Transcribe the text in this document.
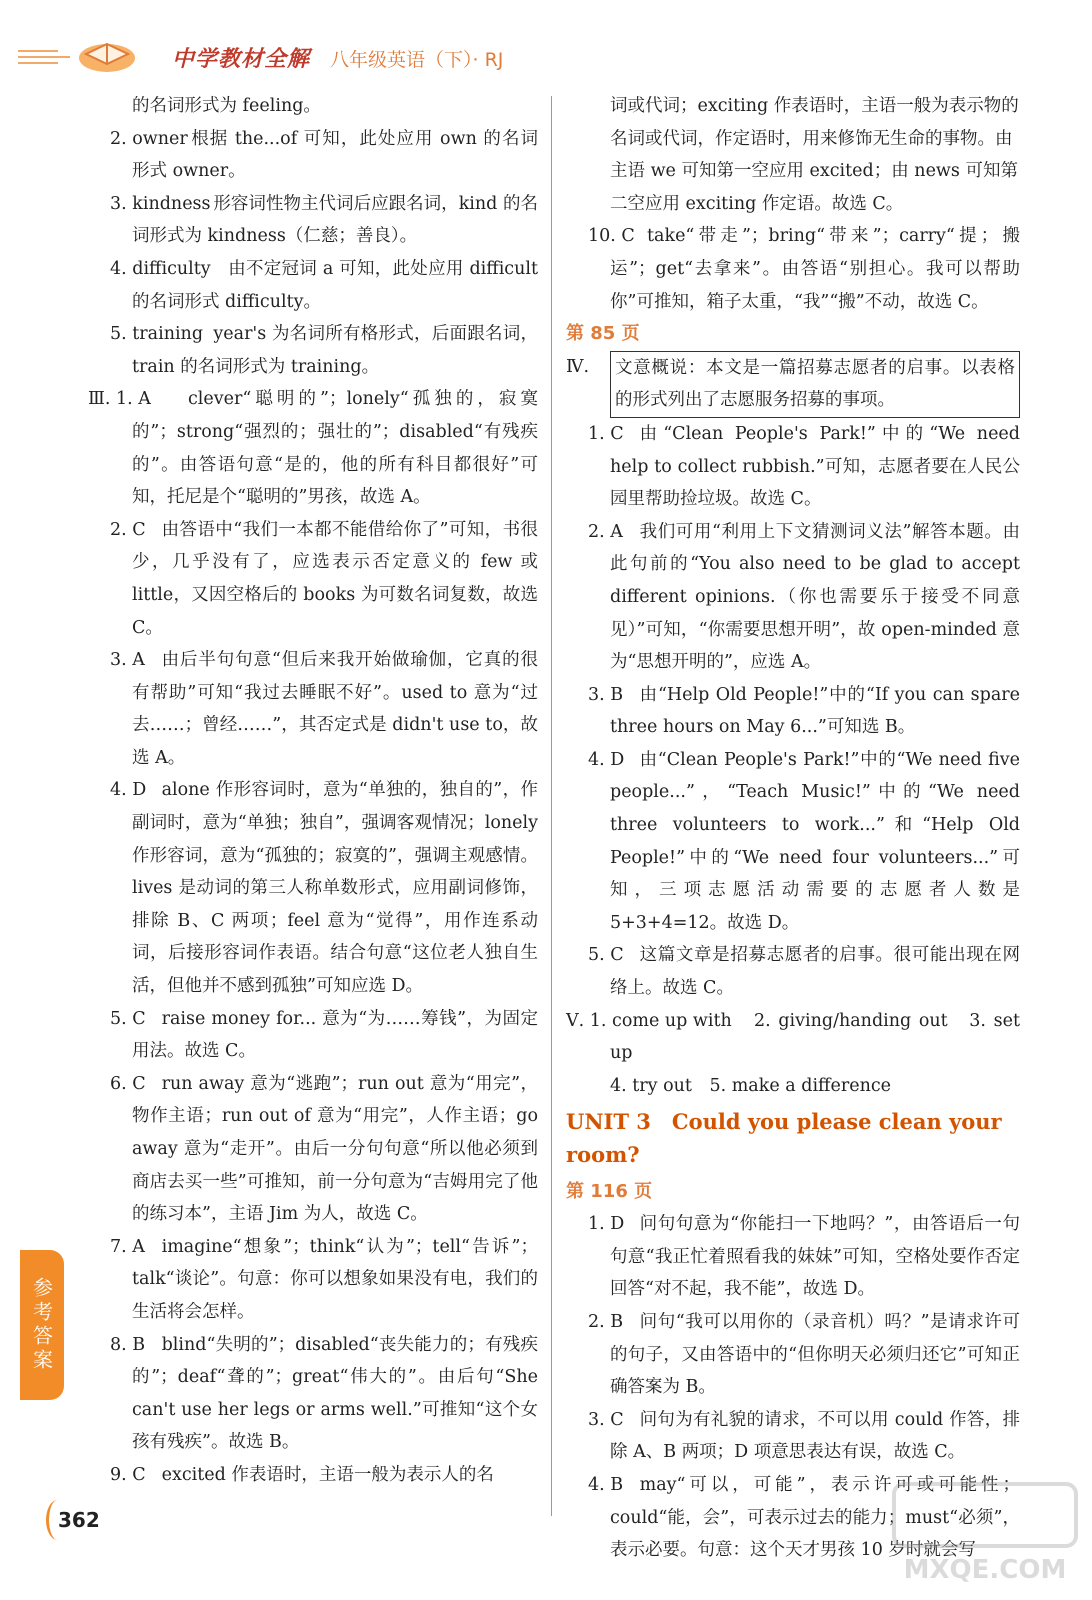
中学教材全解 八年级英语（下）· RJ
的名词形式为 feeling。
2. owner 根据 the...of 可知，此处应用 own 的名词形式 owner。
3. kindness 形容词性物主代词后应跟名词，kind 的名词形式为 kindness（仁慈；善良）。
4. difficulty 由不定冠词 a 可知，此处应用 difficult 的名词形式 difficulty。
5. training year's 为名词所有格形式，后面跟名词，train 的名词形式为 training。
Ⅲ. 1. A clever“聪明的”；lonely“孤独的，寂寞的”；strong“强烈的；强壮的”；disabled“有残疾的”。由答语句意“是的，他的所有科目都很好”可知，托尼是个“聪明的”男孩，故选 A。
2. C 由答语中“我们一本都不能借给你了”可知，书很少，几乎没有了，应选表示否定意义的 few 或 little，又因空格后的 books 为可数名词复数，故选 C。
3. A 由后半句句意“但后来我开始做瑜伽，它真的很有帮助”可知“我过去睡眠不好”。used to 意为“过去……；曾经……”，其否定式是 didn't use to，故选 A。
4. D alone 作形容词时，意为“单独的，独自的”，作副词时，意为“单独；独自”，强调客观情况；lonely 作形容词，意为“孤独的；寂寞的”，强调主观感情。lives 是动词的第三人称单数形式，应用副词修饰，排除 B、C 两项；feel 意为“觉得”，用作连系动词，后接形容词作表语。结合句意“这位老人独自生活，但他并不感到孤独”可知应选 D。
5. C raise money for... 意为“为……筹钱”，为固定用法。故选 C。
6. C run away 意为“逃跑”；run out 意为“用完”，物作主语；run out of 意为“用完”，人作主语；go away 意为“走开”。由后一分句句意“所以他必须到商店去买一些”可推知，前一分句意为“吉姆用完了他的练习本”，主语 Jim 为人，故选 C。
7. A imagine“想象”；think“认为”；tell“告诉”；talk“谈论”。句意：你可以想象如果没有电，我们的生活将会怎样。
8. B blind“失明的”；disabled“丧失能力的；有残疾的”；deaf“聋的”；great“伟大的”。由后句“She can't use her legs or arms well.”可推知“这个女孩有残疾”。故选 B。
9. C excited 作表语时，主语一般为表示人的名
词或代词；exciting 作表语时，主语一般为表示物的名词或代词，作定语时，用来修饰无生命的事物。由主语 we 可知第一空应用 excited；由 news 可知第二空应用 exciting 作定语。故选 C。
10. C take“带走”；bring“带来”；carry“提；搬运”；get“去拿来”。由答语“别担心。我可以帮助你”可推知，箱子太重，“我”“搬”不动，故选 C。
第 85 页
Ⅳ. 文意概说：本文是一篇招募志愿者的启事。以表格的形式列出了志愿服务招募的事项。
1. C 由“Clean People's Park!”中的“We need help to collect rubbish.”可知，志愿者要在人民公园里帮助捡垃圾。故选 C。
2. A 我们可用“利用上下文猜测词义法”解答本题。由此句前的“You also need to be glad to accept different opinions.（你也需要乐于接受不同意见）”可知，“你需要思想开明”，故 open-minded 意为“思想开明的”，应选 A。
3. B 由“Help Old People!”中的“If you can spare three hours on May 6...”可知选 B。
4. D 由“Clean People's Park!”中的“We need five people...”，“Teach Music!”中的“We need three volunteers to work...”和“Help Old People!”中的“We need four volunteers...”可知，三项志愿活动需要的志愿者人数是 5+3+4=12。故选 D。
5. C 这篇文章是招募志愿者的启事。很可能出现在网络上。故选 C。
Ⅴ. 1. come up with 2. giving/handing out　3. set up
4. try out　5. make a difference
UNIT 3　Could you please clean your room?
第 116 页
1. D 问句句意为“你能扫一下地吗？”，由答语后一句句意“我正忙着照看我的妹妹”可知，空格处要作否定回答“对不起，我不能”，故选 D。
2. B 问句“我可以用你的（录音机）吗？”是请求许可的句子，又由答语中的“但你明天必须归还它”可知正确答案为 B。
3. C 问句为有礼貌的请求，不可以用 could 作答，排除 A、B 两项；D 项意思表达有误，故选 C。
4. B may“可以，可能”，表示许可或可能性；could“能，会”，可表示过去的能力；must“必须”，表示必要。句意：这个天才男孩 10 岁时就会写
参考答案
362
MXQE.COM
